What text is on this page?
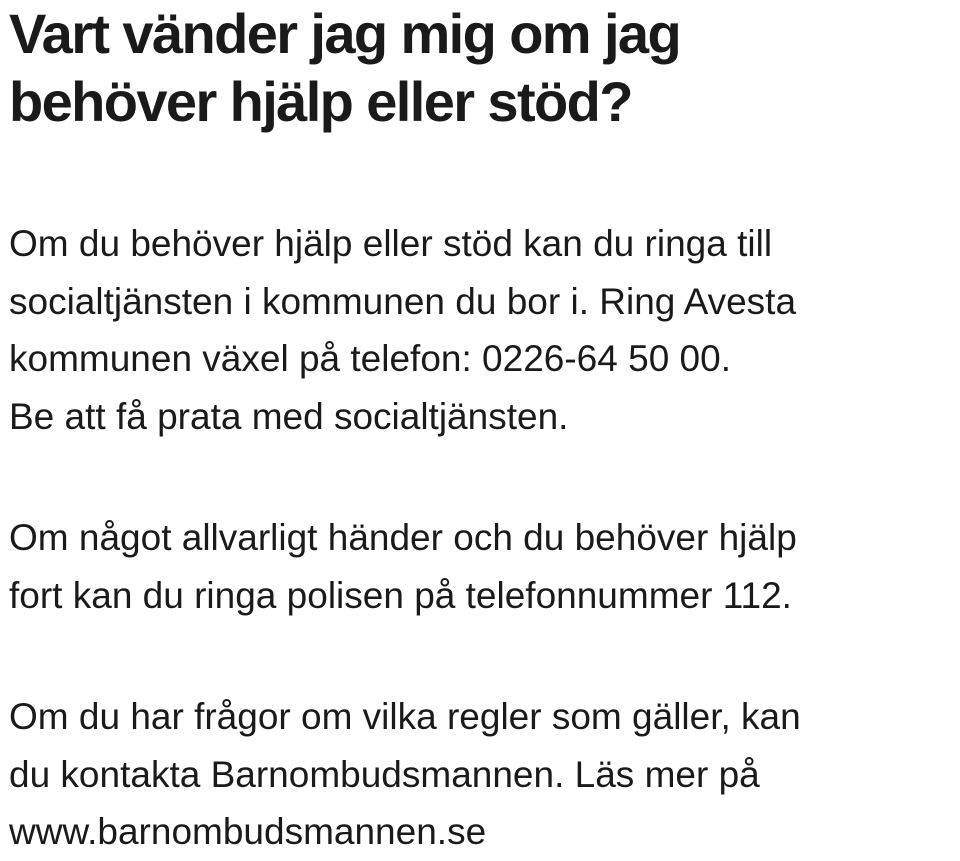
Vart vänder jag mig om jag
behöver hjälp eller stöd?

Om du behöver hjälp eller stöd kan du ringa till
socialtjänsten i kommunen du bor i. Ring Avesta
kommunen växel på telefon: 0226-64 50 00.
Be att få prata med socialtjänsten.

Om något allvarligt händer och du behöver hjälp
fort kan du ringa polisen på telefonnummer 112.

Om du har frågor om vilka regler som gäller, kan
du kontakta Barnombudsmannen. Läs mer på
www.barnombudsmannen.se
